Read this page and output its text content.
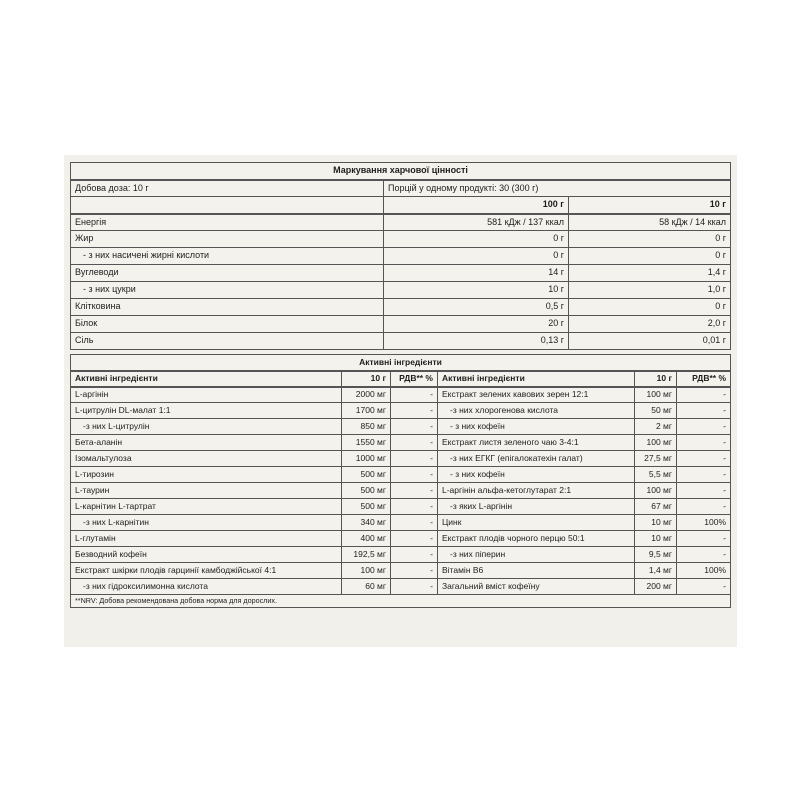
Маркування харчової цінності		
Добова доза: 10 г	Порцій у одному продукті: 30 (300 г)	
	100 г	10 г
Енергія	581 кДж / 137 ккал	58 кДж / 14 ккал
Жир	0 г	0 г
- з них насичені жирні кислоти	0 г	0 г
Вуглеводи	14 г	1,4 г
- з них цукри	10 г	1,0 г
Клітковина	0,5 г	0 г
Білок	20 г	2,0 г
Сіль	0,13 г	0,01 г
Активні інгредієнти					
Активні інгредієнти	10 г	РДВ** %	Активні інгредієнти	10 г	РДВ** %
L-аргінін	2000 мг	-	Екстракт зелених кавових зерен 12:1	100 мг	-
L-цитрулін DL-малат 1:1	1700 мг	-	-з них хлорогенова кислота	50 мг	-
-з них L-цитрулін	850 мг	-	- з них кофеїн	2 мг	-
Бета-аланін	1550 мг	-	Екстракт листя зеленого чаю 3-4:1	100 мг	-
Ізомальтулоза	1000 мг	-	-з них ЕГКГ (епігалокатехін галат)	27,5 мг	-
L-тирозин	500 мг	-	- з них кофеїн	5,5 мг	-
L-таурин	500 мг	-	L-аргінін альфа-кетоглутарат 2:1	100 мг	-
L-карнітин L-тартрат	500 мг	-	-з яких L-аргінін	67 мг	-
-з них L-карнітин	340 мг	-	Цинк	10 мг	100%
L-глутамін	400 мг	-	Екстракт плодів чорного перцю 50:1	10 мг	-
Безводний кофеїн	192,5 мг	-	-з них піперин	9,5 мг	-
Екстракт шкірки плодів гарцинії камбоджійської 4:1	100 мг	-	Вітамін B6	1,4 мг	100%
-з них гідроксилимонна кислота	60 мг	-	Загальний вміст кофеїну	200 мг	-
**NRV: Добова рекомендована добова норма для дорослих.					
